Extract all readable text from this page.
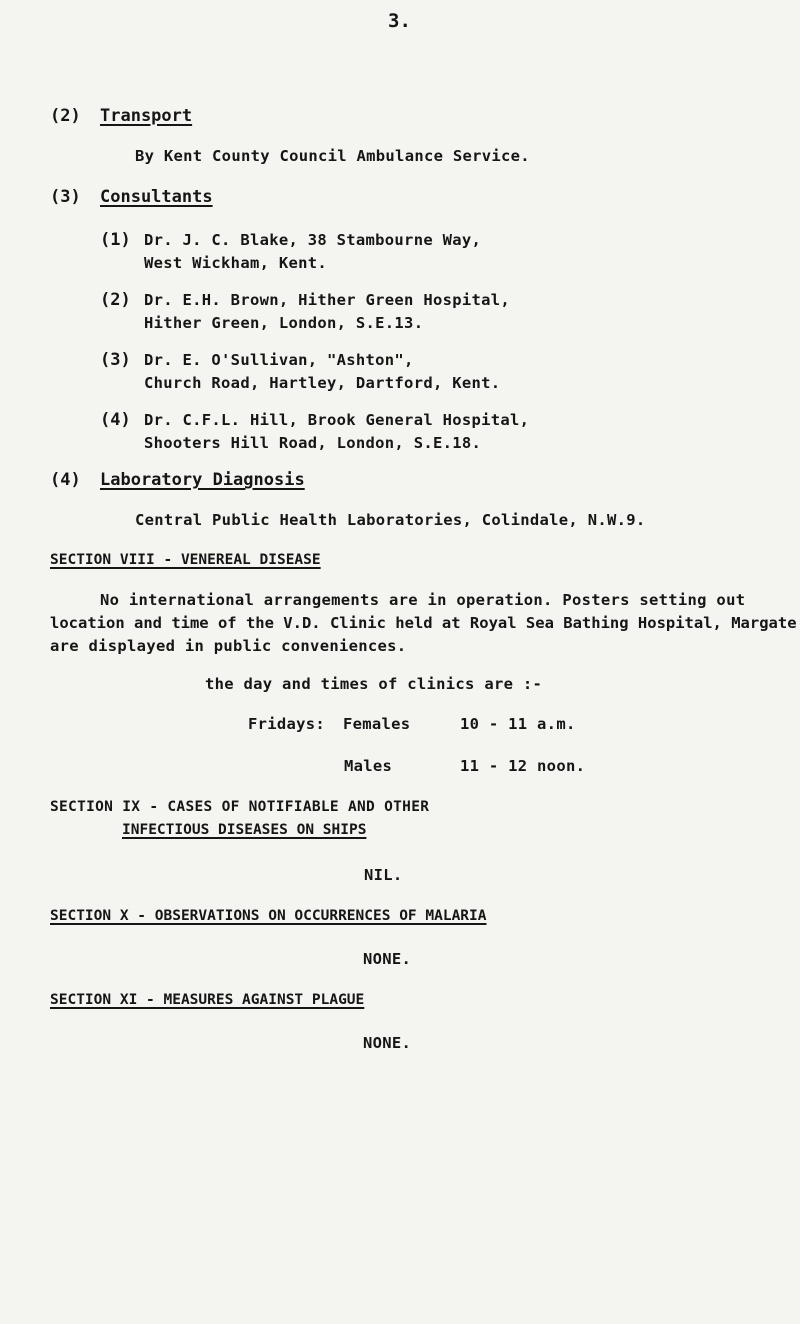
3.
(2) Transport
By Kent County Council Ambulance Service.
(3) Consultants
(1) Dr. J. C. Blake, 38 Stambourne Way,
West Wickham, Kent.
(2) Dr. E.H. Brown, Hither Green Hospital,
Hither Green, London, S.E.13.
(3) Dr. E. O'Sullivan, "Ashton",
Church Road, Hartley, Dartford, Kent.
(4) Dr. C.F.L. Hill, Brook General Hospital,
Shooters Hill Road, London, S.E.18.
(4) Laboratory Diagnosis
Central Public Health Laboratories, Colindale, N.W.9.
SECTION VIII - VENEREAL DISEASE
No international arrangements are in operation. Posters setting out
location and time of the V.D. Clinic held at Royal Sea Bathing Hospital, Margate
are displayed in public conveniences.
the day and times of clinics are :-
Fridays: Females	10 - 11 a.m.
Males	11 - 12 noon.
SECTION IX - CASES OF NOTIFIABLE AND OTHER
INFECTIOUS DISEASES ON SHIPS
NIL.
SECTION X - OBSERVATIONS ON OCCURRENCES OF MALARIA
NONE.
SECTION XI - MEASURES AGAINST PLAGUE
NONE.
